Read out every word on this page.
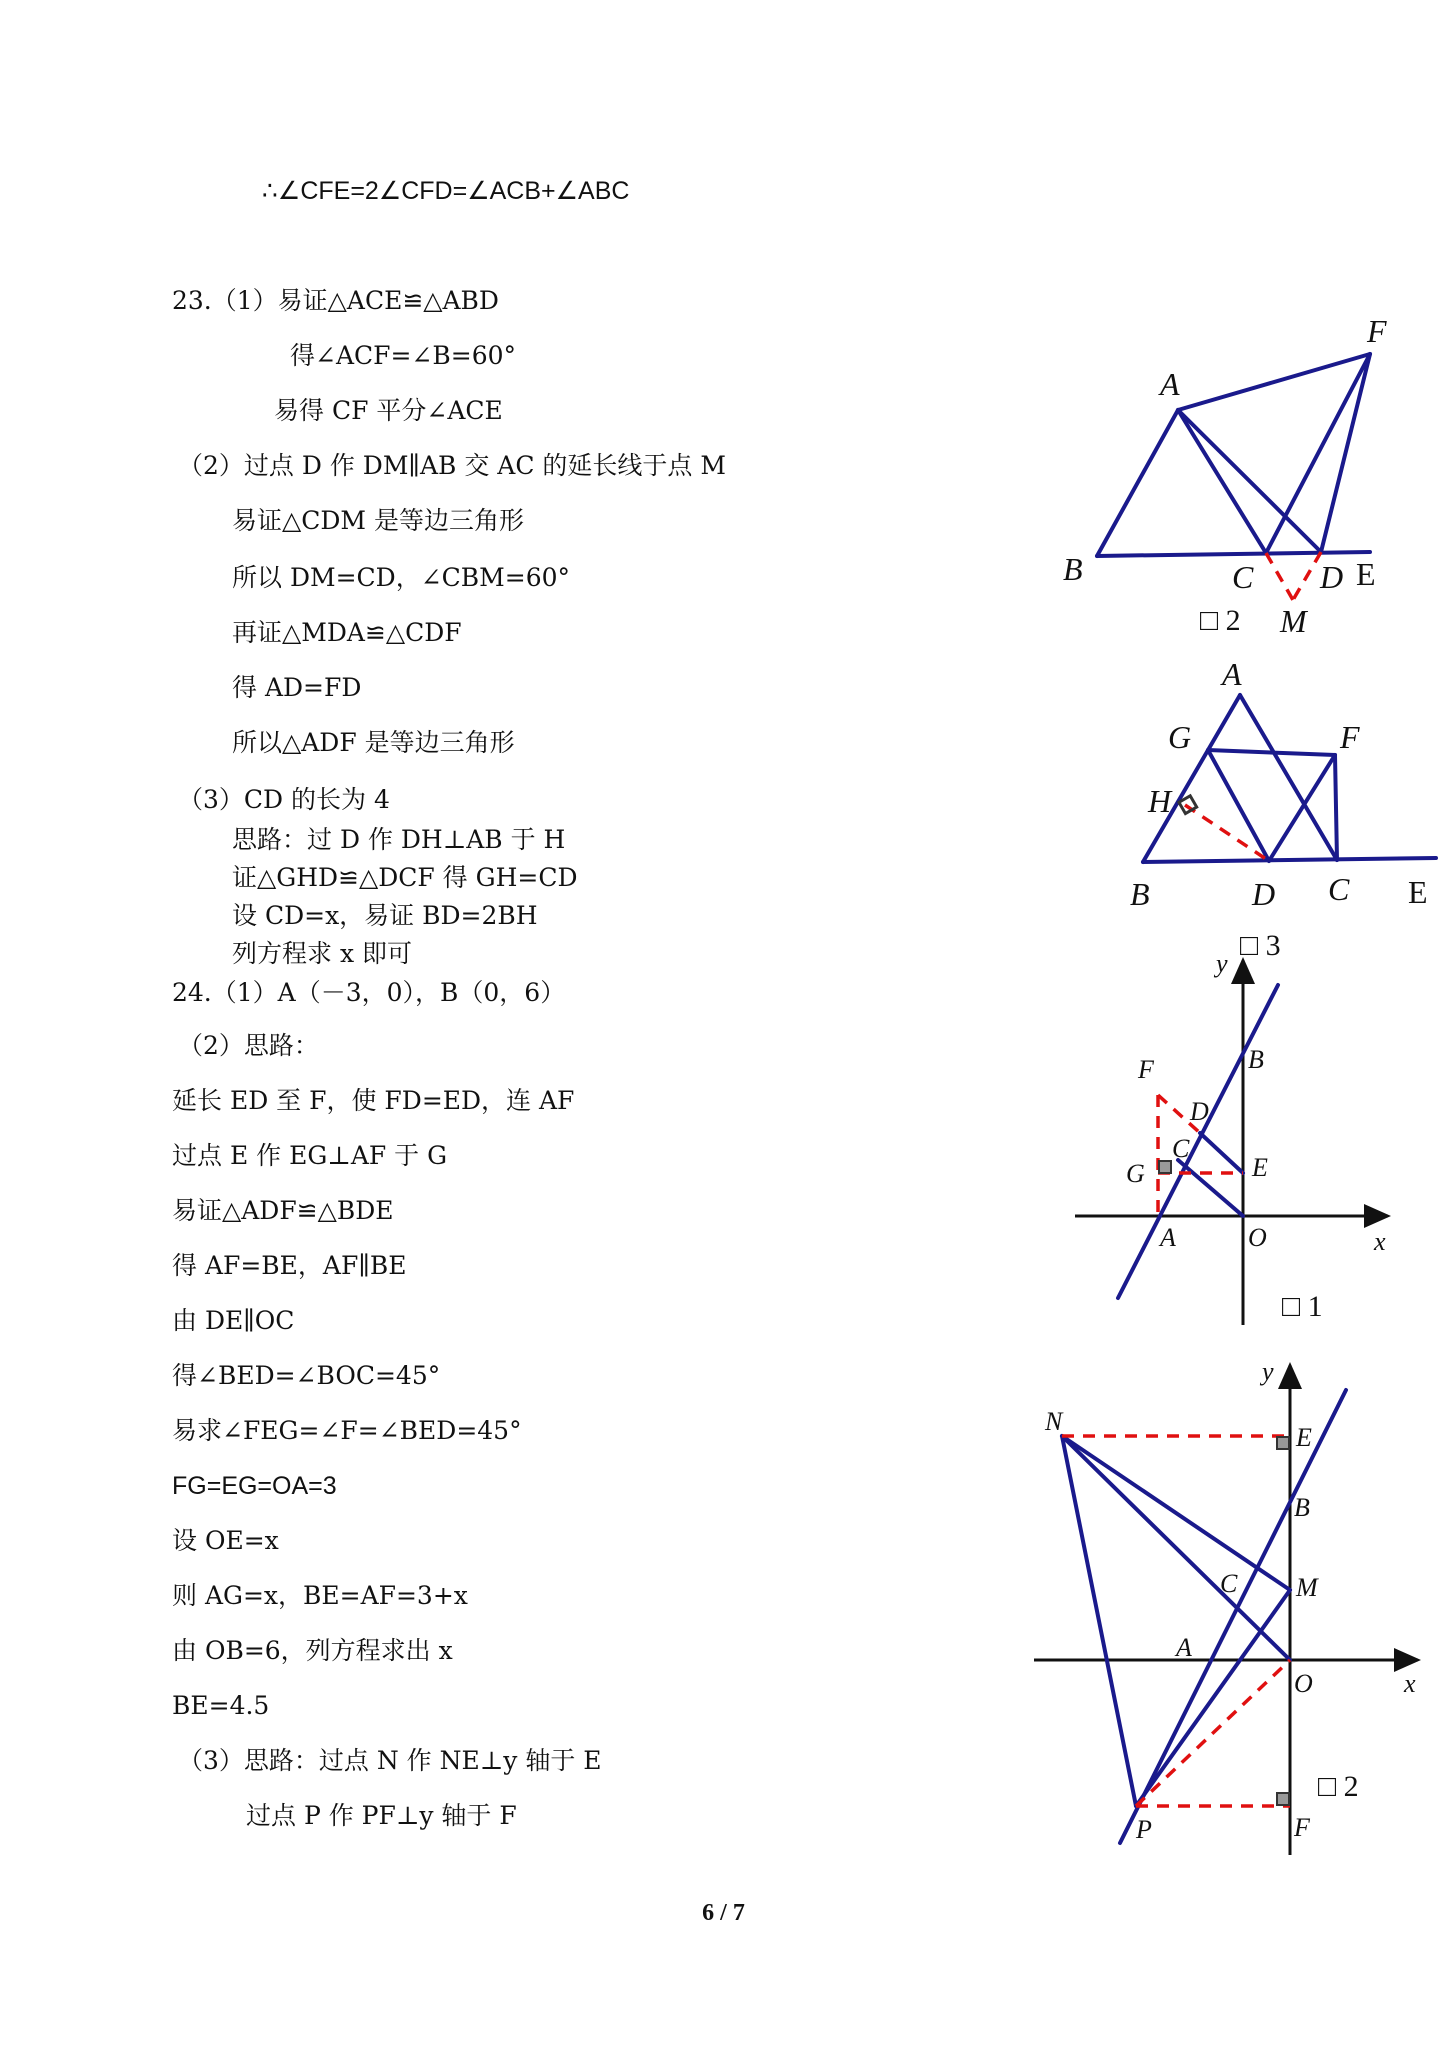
∴∠CFE=2∠CFD=∠ACB+∠ABC
23.（1）易证△ACE≌△ABD
得∠ACF=∠B=60°
易得 CF 平分∠ACE
（2）过点 D 作 DM∥AB 交 AC 的延长线于点 M
易证△CDM 是等边三角形
所以 DM=CD，∠CBM=60°
再证△MDA≌△CDF
得 AD=FD
所以△ADF 是等边三角形
（3）CD 的长为 4
思路：过 D 作 DH⊥AB 于 H
证△GHD≌△DCF 得 GH=CD
设 CD=x，易证 BD=2BH
列方程求 x 即可
24.（1）A（－3，0），B（0，6）
（2）思路：
延长 ED 至 F，使 FD=ED，连 AF
过点 E 作 EG⊥AF 于 G
易证△ADF≌△BDE
得 AF=BE，AF∥BE
由 DE∥OC
得∠BED=∠BOC=45°
易求∠FEG=∠F=∠BED=45°
FG=EG=OA=3
设 OE=x
则 AG=x，BE=AF=3+x
由 OB=6，列方程求出 x
BE=4.5
（3）思路：过点 N 作 NE⊥y 轴于 E
过点 P 作 PF⊥y 轴于 F
A
F
B	C D E
M
□ 2
A
G	F
H
B	D C E
□ 3
y
x
B
F
D
C
E
G
A	O
□ 1
y
x
N
E
B
C M
A
O
P	F
□ 2
6 / 7
